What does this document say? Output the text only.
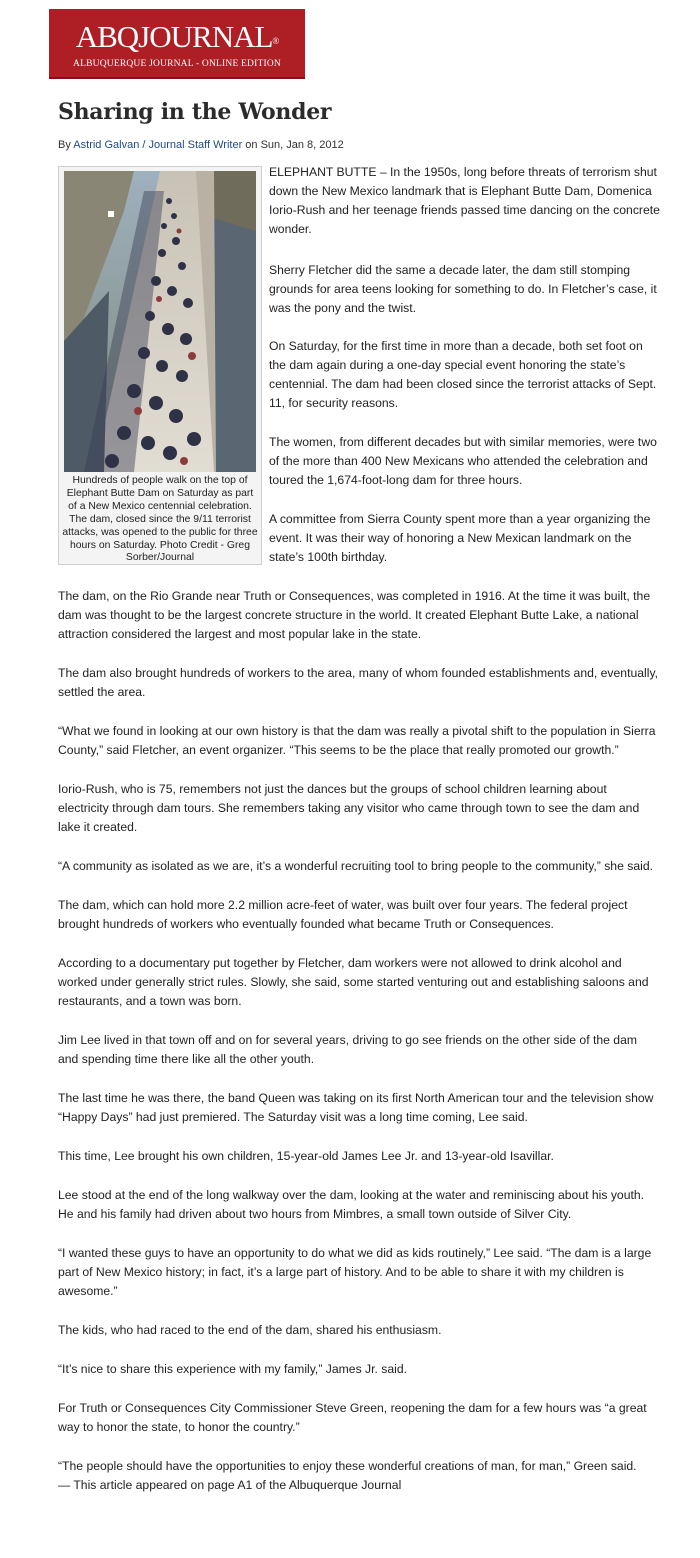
ABQJOURNAL®
ALBUQUERQUE JOURNAL - ONLINE EDITION
Sharing in the Wonder
By Astrid Galvan / Journal Staff Writer on Sun, Jan 8, 2012
Hundreds of people walk on the top of Elephant Butte Dam on Saturday as part of a New Mexico centennial celebration. The dam, closed since the 9/11 terrorist attacks, was opened to the public for three hours on Saturday. Photo Credit - Greg Sorber/Journal

ELEPHANT BUTTE – In the 1950s, long before threats of terrorism shut down the New Mexico landmark that is Elephant Butte Dam, Domenica Iorio-Rush and her teenage friends passed time dancing on the concrete wonder.

Sherry Fletcher did the same a decade later, the dam still stomping grounds for area teens looking for something to do. In Fletcher’s case, it was the pony and the twist.

On Saturday, for the first time in more than a decade, both set foot on the dam again during a one-day special event honoring the state’s centennial. The dam had been closed since the terrorist attacks of Sept. 11, for security reasons.

The women, from different decades but with similar memories, were two of the more than 400 New Mexicans who attended the celebration and toured the 1,674-foot-long dam for three hours.

A committee from Sierra County spent more than a year organizing the event. It was their way of honoring a New Mexican landmark on the state’s 100th birthday.

The dam, on the Rio Grande near Truth or Consequences, was completed in 1916. At the time it was built, the dam was thought to be the largest concrete structure in the world. It created Elephant Butte Lake, a national attraction considered the largest and most popular lake in the state.

The dam also brought hundreds of workers to the area, many of whom founded establishments and, eventually, settled the area.

“What we found in looking at our own history is that the dam was really a pivotal shift to the population in Sierra County,” said Fletcher, an event organizer. “This seems to be the place that really promoted our growth.”

Iorio-Rush, who is 75, remembers not just the dances but the groups of school children learning about electricity through dam tours. She remembers taking any visitor who came through town to see the dam and lake it created.

“A community as isolated as we are, it’s a wonderful recruiting tool to bring people to the community,” she said.

The dam, which can hold more 2.2 million acre-feet of water, was built over four years. The federal project brought hundreds of workers who eventually founded what became Truth or Consequences.

According to a documentary put together by Fletcher, dam workers were not allowed to drink alcohol and worked under generally strict rules. Slowly, she said, some started venturing out and establishing saloons and restaurants, and a town was born.

Jim Lee lived in that town off and on for several years, driving to go see friends on the other side of the dam and spending time there like all the other youth.

The last time he was there, the band Queen was taking on its first North American tour and the television show “Happy Days” had just premiered. The Saturday visit was a long time coming, Lee said.

This time, Lee brought his own children, 15-year-old James Lee Jr. and 13-year-old Isavillar.

Lee stood at the end of the long walkway over the dam, looking at the water and reminiscing about his youth. He and his family had driven about two hours from Mimbres, a small town outside of Silver City.

“I wanted these guys to have an opportunity to do what we did as kids routinely,” Lee said. “The dam is a large part of New Mexico history; in fact, it’s a large part of history. And to be able to share it with my children is awesome.”

The kids, who had raced to the end of the dam, shared his enthusiasm.

“It’s nice to share this experience with my family,” James Jr. said.

For Truth or Consequences City Commissioner Steve Green, reopening the dam for a few hours was “a great way to honor the state, to honor the country.”

“The people should have the opportunities to enjoy these wonderful creations of man, for man,” Green said.

— This article appeared on page A1 of the Albuquerque Journal
